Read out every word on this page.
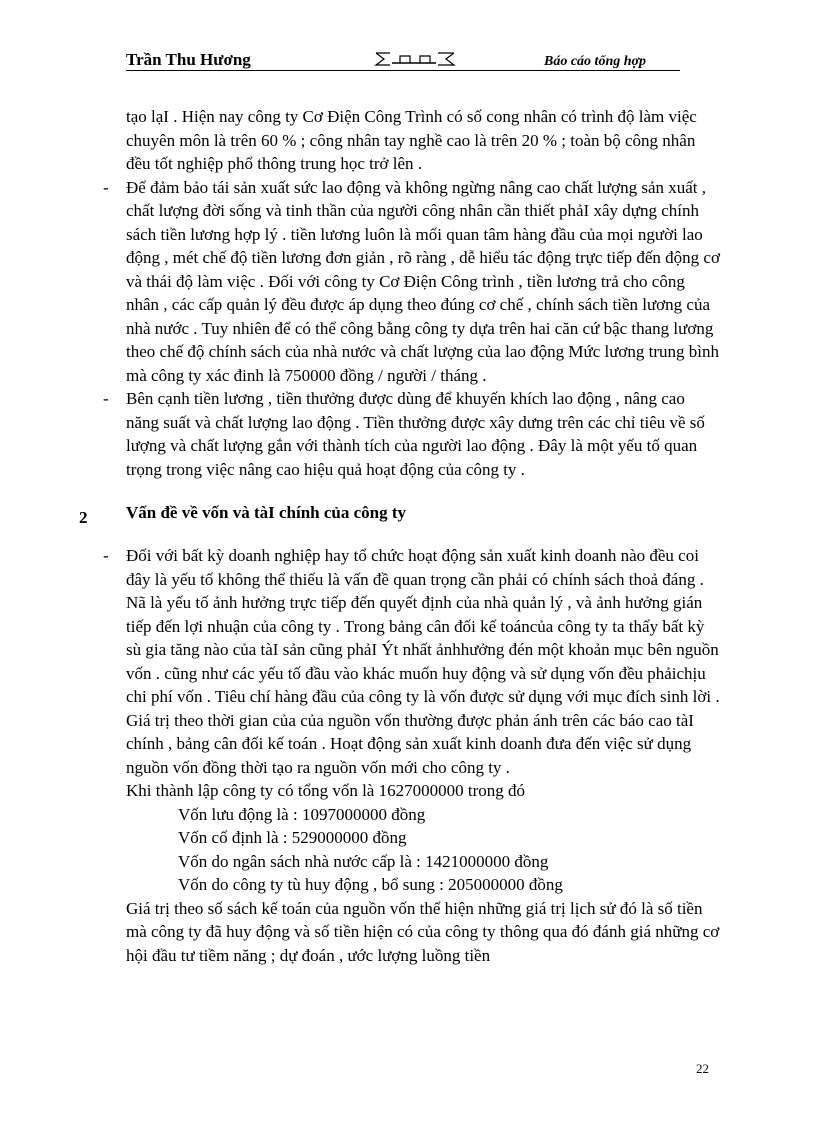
Trần Thu Hương	Báo cáo tổng hợp

tạo lạI . Hiện nay công ty Cơ Điện Công Trình có số cong nhân có trình độ làm việc chuyên môn là trên 60 % ; công nhân tay nghề cao là trên 20 % ; toàn bộ công nhân đều tốt nghiệp phổ thông trung học trở lên .

- Để đảm bảo tái sản xuất sức lao động và không ngừng nâng cao chất lượng sản xuất , chất lượng đời sống và tinh thần của người công nhân cần thiết phảI xây dựng chính sách tiền lương hợp lý . tiền lương luôn là mối quan tâm hàng đầu của mọi người lao động , mét chế độ tiền lương đơn giản , rõ ràng , dễ hiểu tác động trực tiếp đến động cơ và thái độ làm việc . Đối với công ty Cơ Điện Công trình , tiền lương trả cho công nhân , các cấp quản lý đều được áp dụng theo đúng cơ chế , chính sách tiền lương của nhà nước . Tuy nhiên để có thể công bằng công ty dựa trên hai căn cứ bậc thang lương theo chế độ chính sách của nhà nước và chất lượng của lao động Mức lương trung bình mà công ty xác đinh là 750000 đồng / người / tháng .
- Bên cạnh tiền lương , tiền thưởng được dùng để khuyến khích lao động , nâng cao năng suất và chất lượng lao động . Tiền thưởng được xây dưng trên các chỉ tiêu về số lượng và chất lượng gắn với thành tích của người lao động . Đây là một yếu tố quan trọng trong việc nâng cao hiệu quả hoạt động của công ty .
2 Vấn đề về vốn và tàI chính của công ty
- Đối với bất kỳ doanh nghiệp hay tổ chức hoạt động sản xuất kinh doanh nào đều coi đây là yếu tố không thể thiếu là vấn đề quan trọng cần phải có chính sách thoả đáng . Nã là yếu tố ảnh hưởng trực tiếp đến quyết định của nhà quản lý , và ảnh hưởng gián tiếp đến lợi nhuận của công ty . Trong bảng cân đối kế toáncủa công ty ta thấy bất kỳ sù gia tăng nào của tàI sản cũng phảI Ýt nhất ảnhhưởng đén một khoản mục bên nguồn vốn . cũng như các yếu tố đầu vào khác muốn huy động và sử dụng vốn đều phảichịu chi phí vốn . Tiêu chí hàng đầu của công ty là vốn được sử dụng với mục đích sinh lời . Giá trị theo thời gian của của nguồn vốn thường được phản ánh trên các báo cao tàI chính , bảng cân đối kế toán . Hoạt động sản xuất kinh doanh đưa đến việc sử dụng nguồn vốn đồng thời tạo ra nguồn vốn mới cho công ty .

Khi thành lập công ty có tổng vốn là 1627000000 trong đó

Vốn lưu động là : 1097000000 đồng
Vốn cố định là : 529000000 đồng
Vốn do ngân sách nhà nước cấp là : 1421000000 đồng
Vốn do công ty tù huy động , bổ sung : 205000000 đồng

Giá trị theo số sách kế toán của nguồn vốn thể hiện những giá trị lịch sử đó là số tiền mà công ty đã huy động và số tiền hiện có của công ty thông qua đó đánh giá những cơ hội đầu tư tiềm năng ; dự đoán , ước lượng luồng tiền

22
